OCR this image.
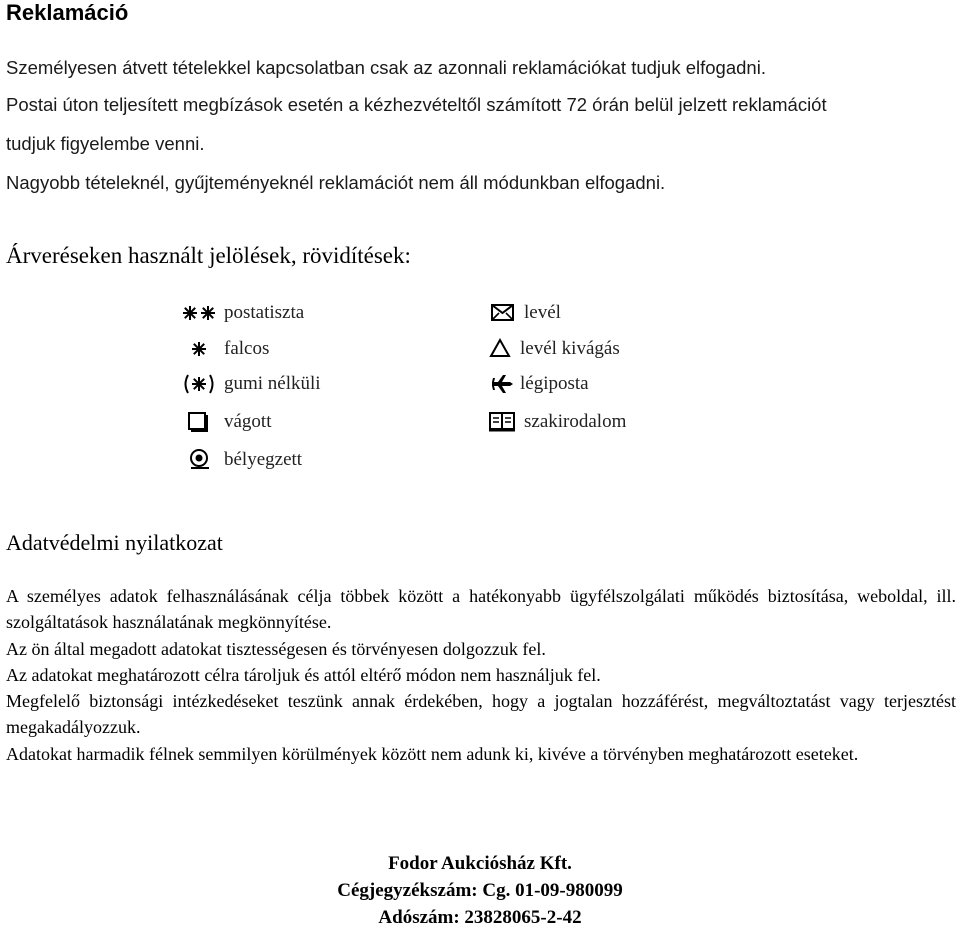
Reklamáció
Személyesen átvett tételekkel kapcsolatban csak az azonnali reklamációkat tudjuk elfogadni.
Postai úton teljesített megbízások esetén a kézhezvételtől számított 72 órán belül jelzett reklamációt
tudjuk figyelembe venni.
Nagyobb tételeknél, gyűjteményeknél reklamációt nem áll módunkban elfogadni.
Árveréseken használt jelölések, rövidítések:
postatiszta
falcos
gumi nélküli
vágott
bélyegzett
levél
levél kivágás
légiposta
szakirodalom
Adatvédelmi nyilatkozat

A személyes adatok felhasználásának célja többek között a hatékonyabb ügyfélszolgálati működés biztosítása, weboldal, ill. szolgáltatások használatának megkönnyítése.

Az ön által megadott adatokat tisztességesen és törvényesen dolgozzuk fel.

Az adatokat meghatározott célra tároljuk és attól eltérő módon nem használjuk fel.

Megfelelő biztonsági intézkedéseket teszünk annak érdekében, hogy a jogtalan hozzáférést, megváltoztatást vagy terjesztést megakadályozzuk.

Adatokat harmadik félnek semmilyen körülmények között nem adunk ki, kivéve a törvényben meghatározott eseteket.

Fodor Aukciósház Kft.
Cégjegyzékszám: Cg. 01-09-980099
Adószám: 23828065-2-42
